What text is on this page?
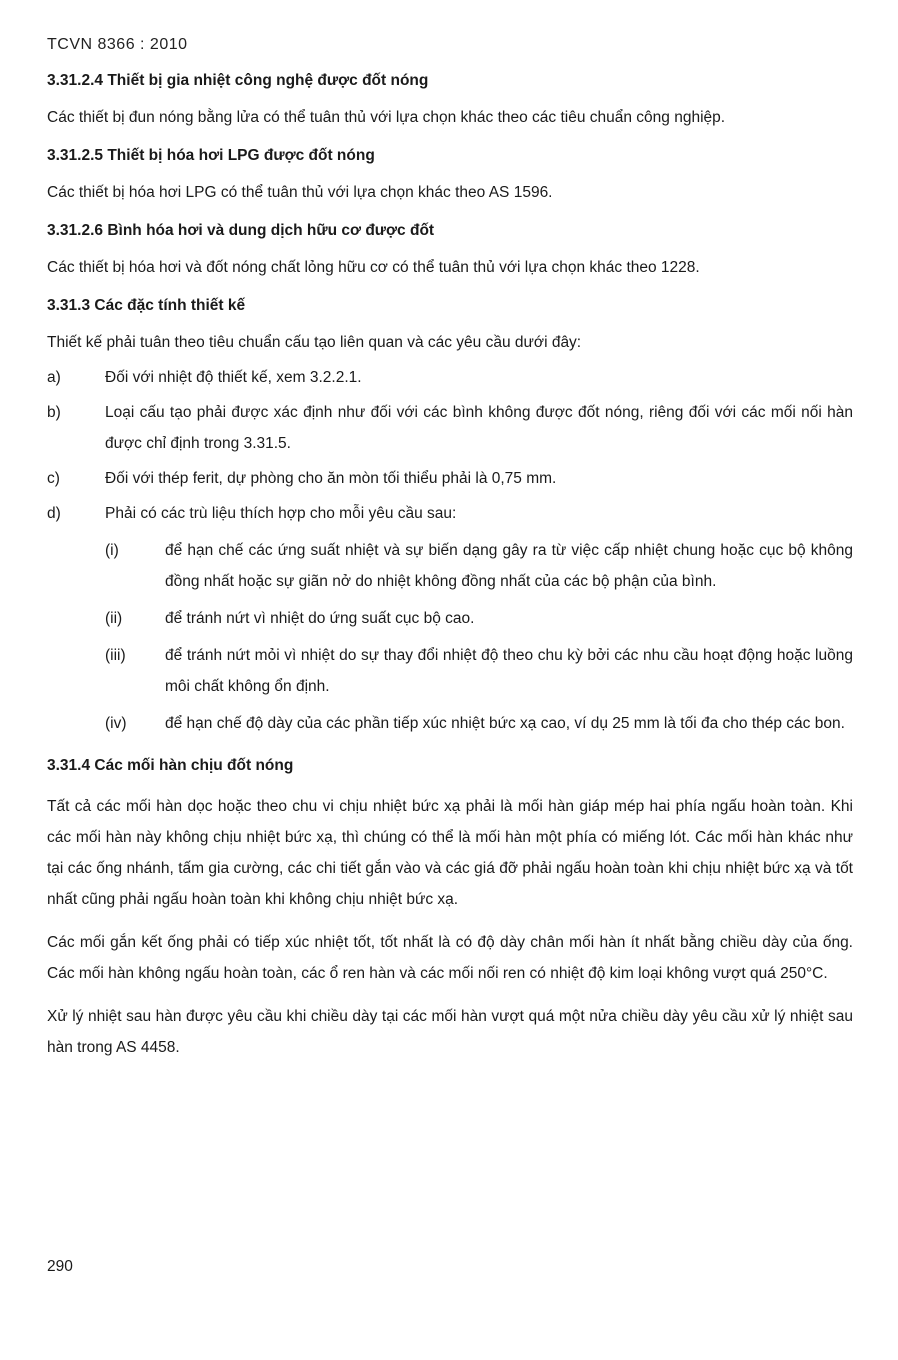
TCVN 8366 : 2010
3.31.2.4 Thiết bị gia nhiệt công nghệ được đốt nóng

Các thiết bị đun nóng bằng lửa có thể tuân thủ với lựa chọn khác theo các tiêu chuẩn công nghiệp.

3.31.2.5 Thiết bị hóa hơi LPG được đốt nóng

Các thiết bị hóa hơi LPG có thể tuân thủ với lựa chọn khác theo AS 1596.

3.31.2.6 Bình hóa hơi và dung dịch hữu cơ được đốt

Các thiết bị hóa hơi và đốt nóng chất lỏng hữu cơ có thể tuân thủ với lựa chọn khác theo 1228.

3.31.3 Các đặc tính thiết kế

Thiết kế phải tuân theo tiêu chuẩn cấu tạo liên quan và các yêu cầu dưới đây:

a)	Đối với nhiệt độ thiết kế, xem 3.2.2.1.
b)	Loại cấu tạo phải được xác định như đối với các bình không được đốt nóng, riêng đối với các mối nối hàn được chỉ định trong 3.31.5.
c)	Đối với thép ferit, dự phòng cho ăn mòn tối thiểu phải là 0,75 mm.
d)	Phải có các trù liệu thích hợp cho mỗi yêu cầu sau:
(i)	để hạn chế các ứng suất nhiệt và sự biến dạng gây ra từ việc cấp nhiệt chung hoặc cục bộ không đồng nhất hoặc sự giãn nở do nhiệt không đồng nhất của các bộ phận của bình.
(ii)	để tránh nứt vì nhiệt do ứng suất cục bộ cao.
(iii)	để tránh nứt mỏi vì nhiệt do sự thay đổi nhiệt độ theo chu kỳ bởi các nhu cầu hoạt động hoặc luồng môi chất không ổn định.
(iv)	để hạn chế độ dày của các phần tiếp xúc nhiệt bức xạ cao, ví dụ 25 mm là tối đa cho thép các bon.
3.31.4 Các mối hàn chịu đốt nóng

Tất cả các mối hàn dọc hoặc theo chu vi chịu nhiệt bức xạ phải là mối hàn giáp mép hai phía ngấu hoàn toàn. Khi các mối hàn này không chịu nhiệt bức xạ, thì chúng có thể là mối hàn một phía có miếng lót. Các mối hàn khác như tại các ống nhánh, tấm gia cường, các chi tiết gắn vào và các giá đỡ phải ngấu hoàn toàn khi chịu nhiệt bức xạ và tốt nhất cũng phải ngấu hoàn toàn khi không chịu nhiệt bức xạ.

Các mối gắn kết ống phải có tiếp xúc nhiệt tốt, tốt nhất là có độ dày chân mối hàn ít nhất bằng chiều dày của ống. Các mối hàn không ngấu hoàn toàn, các ổ ren hàn và các mối nối ren có nhiệt độ kim loại không vượt quá 250°C.

Xử lý nhiệt sau hàn được yêu cầu khi chiều dày tại các mối hàn vượt quá một nửa chiều dày yêu cầu xử lý nhiệt sau hàn trong AS 4458.

290
